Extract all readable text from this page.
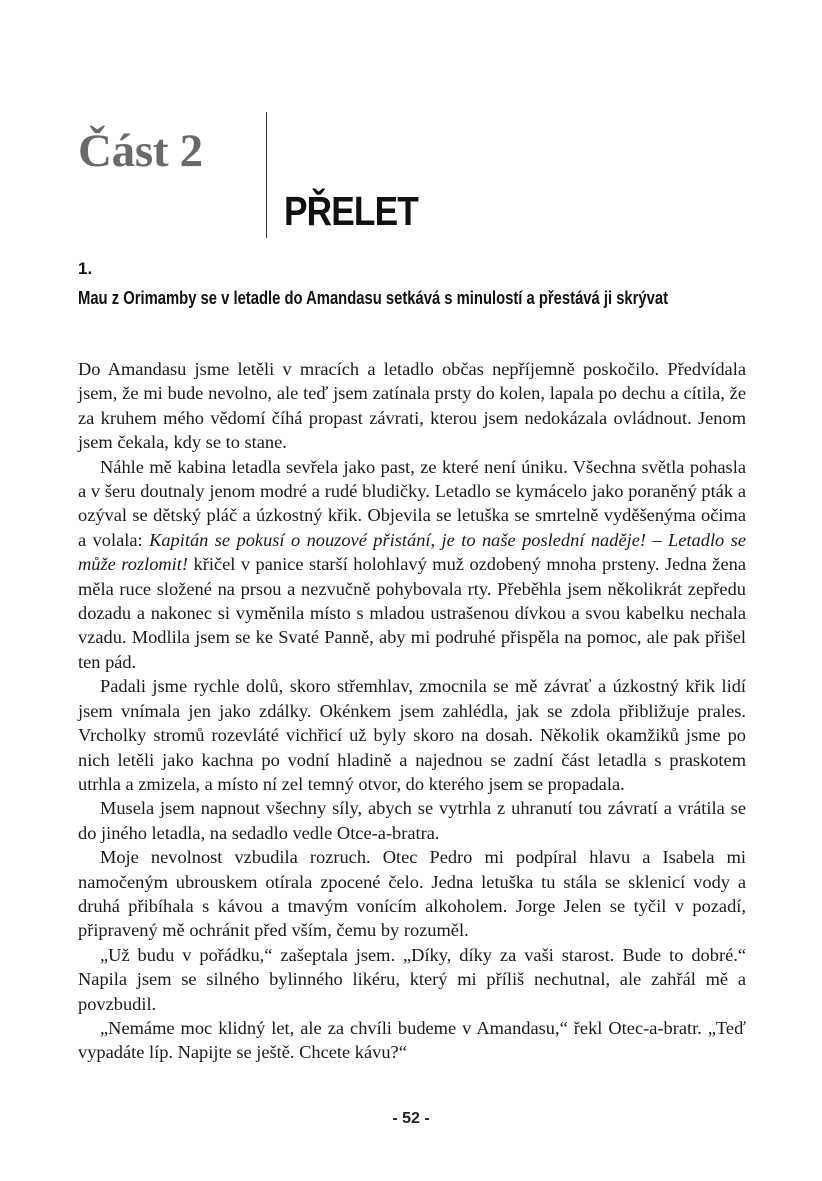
Část 2
PŘELET
1.
Mau z Orimamby se v letadle do Amandasu setkává s minulostí a přestává ji skrývat

Do Amandasu jsme letěli v mracích a letadlo občas nepříjemně poskočilo. Předvídala jsem, že mi bude nevolno, ale teď jsem zatínala prsty do kolen, lapala po dechu a cítila, že za kruhem mého vědomí číhá propast závrati, kterou jsem nedokázala ovládnout. Jenom jsem čekala, kdy se to stane.

Náhle mě kabina letadla sevřela jako past, ze které není úniku. Všechna světla pohasla a v šeru doutnaly jenom modré a rudé bludičky. Letadlo se kymácelo jako poraněný pták a ozýval se dětský pláč a úzkostný křik. Objevila se letuška se smrtelně vyděšenýma očima a volala: Kapitán se pokusí o nouzové přistání, je to naše poslední naděje! – Letadlo se může rozlomit! křičel v panice starší holohlavý muž ozdobený mnoha prsteny. Jedna žena měla ruce složené na prsou a nezvučně pohybovala rty. Přeběhla jsem několikrát zepředu dozadu a nakonec si vyměnila místo s mladou ustrašenou dívkou a svou kabelku nechala vzadu. Modlila jsem se ke Svaté Panně, aby mi podruhé přispěla na pomoc, ale pak přišel ten pád.

Padali jsme rychle dolů, skoro střemhlav, zmocnila se mě závrať a úzkostný křik lidí jsem vnímala jen jako zdálky. Okénkem jsem zahlédla, jak se zdola přibližuje prales. Vrcholky stromů rozevláté vichřicí už byly skoro na dosah. Několik okamžiků jsme po nich letěli jako kachna po vodní hladině a najednou se zadní část letadla s praskotem utrhla a zmizela, a místo ní zel temný otvor, do kterého jsem se propadala.

Musela jsem napnout všechny síly, abych se vytrhla z uhranutí tou závratí a vrátila se do jiného letadla, na sedadlo vedle Otce-a-bratra.

Moje nevolnost vzbudila rozruch. Otec Pedro mi podpíral hlavu a Isabela mi namočeným ubrouskem otírala zpocené čelo. Jedna letuška tu stála se sklenicí vody a druhá přibíhala s kávou a tmavým vonícím alkoholem. Jorge Jelen se tyčil v pozadí, připravený mě ochránit před vším, čemu by rozuměl.

„Už budu v pořádku,“ zašeptala jsem. „Díky, díky za vaši starost. Bude to dobré.“ Napila jsem se silného bylinného likéru, který mi příliš nechutnal, ale zahřál mě a povzbudil.

„Nemáme moc klidný let, ale za chvíli budeme v Amandasu,“ řekl Otec-a-bratr. „Teď vypadáte líp. Napijte se ještě. Chcete kávu?“

- 52 -
